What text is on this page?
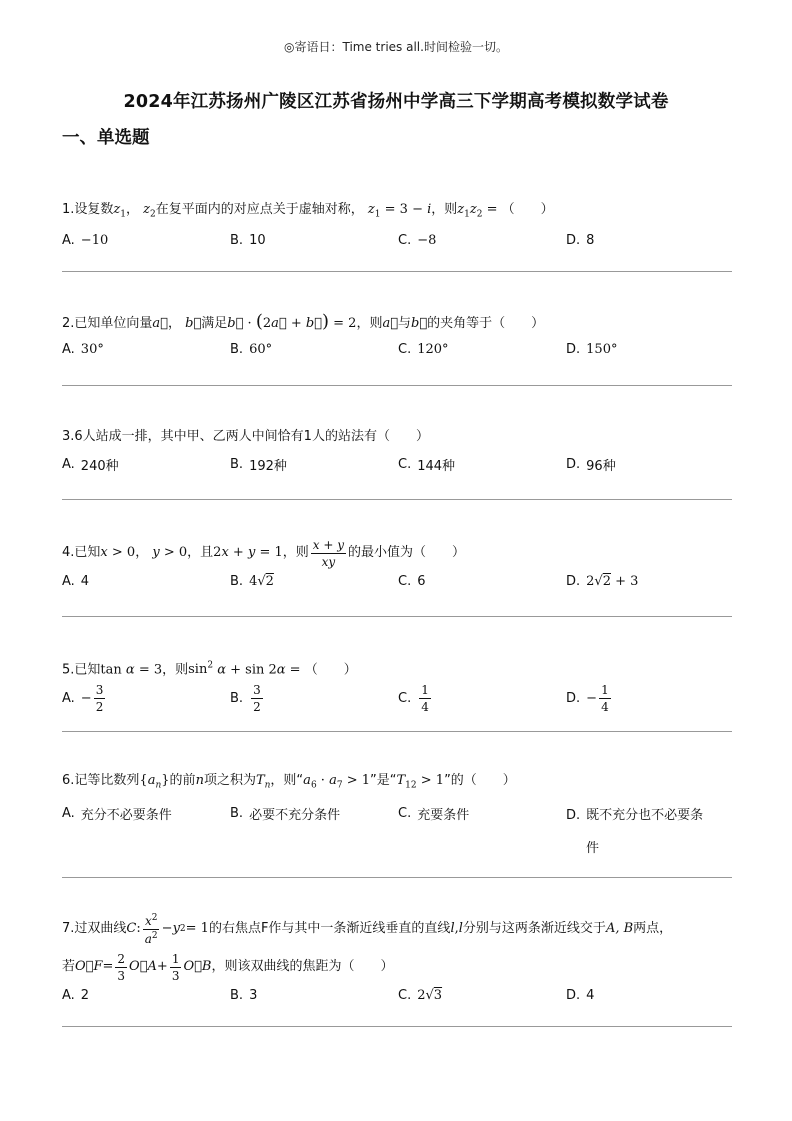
◎寄语日：Time tries all.时间检验一切。
2024年江苏扬州广陵区江苏省扬州中学高三下学期高考模拟数学试卷
一、单选题
1.设复数$z_1$， $z_2$在复平面内的对应点关于虚轴对称， $z_1 = 3 - i$，则$z_1z_2$ = （　　）
A. −10	B. 10	C. −8	D. 8
2.已知单位向量a⃗， b⃗满足b⃗ · (2a⃗ + b⃗) = 2，则a⃗与b⃗的夹角等于（　　）
A. 30°	B. 60°	C. 120°	D. 150°
3.6人站成一排，其中甲、乙两人中间恰有1人的站法有（　　）
A. 240种	B. 192种	C. 144种	D. 96种
4. 已知 x > 0 ，
y > 0 ，且 2 x + y = 1 ，则 $\frac{x + y}{xy}$ 的最小值为（　　）
A. 4	B. 4√2	C. 6	D. 2√2 + 3
5.已知tan α = 3，则$\sin^2 \alpha + \sin 2\alpha$ = （　　）
A. − $\frac{3}{2}$	B. $\frac{3}{2}$	C. $\frac{1}{4}$	D. − $\frac{1}{4}$
6.记等比数列$\{a_n\}$的前n项之积为$T_n$，则“$a_6 \cdot a_7 > 1$”是“$T_{12} > 1$”的（　　）
A. 充分不必要条件	B. 必要不充分条件	C. 充要条件	D. 既不充分也不必要条
件
7. 过双曲线 C : $\frac{x^2}{a^2} - y$ 2 = 1 的右焦点F作与其中一条渐近线垂直的直线 l , l 分别与这两条渐近线交于 A, B 两点，
若 O⃗F = $\frac{2}{3}$ O⃗A + $\frac{1}{3}$ O⃗B ，则该双曲线的焦距为（　　）
A. 2	B. 3	C. 2√3	D. 4
